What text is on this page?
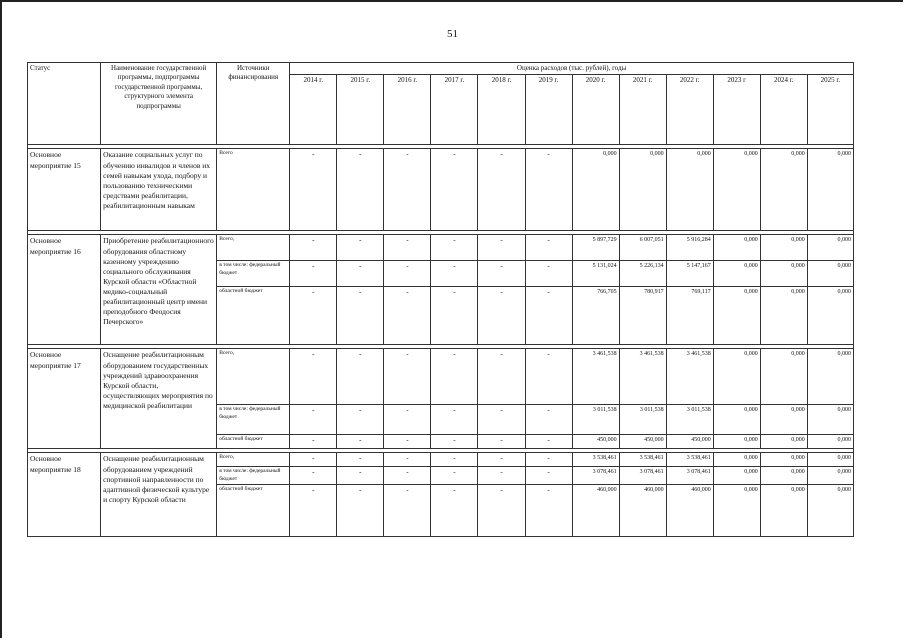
51
Статус	Наименование государственной программы, подпрограммы государственной программы, структурного элемента подпрограммы	Источники финансирования	Оценка расходов (тыс. рублей), годы											
			2014 г.	2015 г.	2016 г.	2017 г.	2018 г.	2019 г.	2020 г.	2021 г.	2022 г.	2023 г	2024 г.	2025 г.

Основное мероприятие 15	Оказание социальных услуг по обучению инвалидов и членов их семей навыкам ухода, подбору и пользованию техническими средствами реабилитации, реабилитационным навыкам	Всего	-	-	-	-	-	-	0,000	0,000	0,000	0,000	0,000	0,000

Основное мероприятие 16	Приобретение реабилитационного оборудования областному казенному учреждению социального обслуживания Курской области «Областной медико-социальный реабилитационный центр имени преподобного Феодосия Печерского»	Всего,	-	-	-	-	-	-	5 897,729	6 007,051	5 916,284	0,000	0,000	0,000
		в том числе: федеральный бюджет	-	-	-	-	-	-	5 131,024	5 226,134	5 147,167	0,000	0,000	0,000
		областной бюджет	-	-	-	-	-	-	766,705	780,917	769,117	0,000	0,000	0,000

Основное мероприятие 17	Оснащение реабилитационным оборудованием государственных учреждений здравоохранения Курской области, осуществляющих мероприятия по медицинской реабилитации	Всего,	-	-	-	-	-	-	3 461,538	3 461,538	3 461,538	0,000	0,000	0,000
		в том числе: федеральный бюджет	-	-	-	-	-	-	3 011,538	3 011,538	3 011,538	0,000	0,000	0,000
		областной бюджет	-	-	-	-	-	-	450,000	450,000	450,000	0,000	0,000	0,000

Основное мероприятие 18	Оснащение реабилитационным оборудованием учреждений спортивной направленности по адаптивной физической культуре и спорту Курской области	Всего,	-	-	-	-	-	-	3 538,461	3 538,461	3 538,461	0,000	0,000	0,000
		в том числе: федеральный бюджет	-	-	-	-	-	-	3 078,461	3 078,461	3 078,461	0,000	0,000	0,000
		областной бюджет	-	-	-	-	-	-	460,000	460,000	460,000	0,000	0,000	0,000
